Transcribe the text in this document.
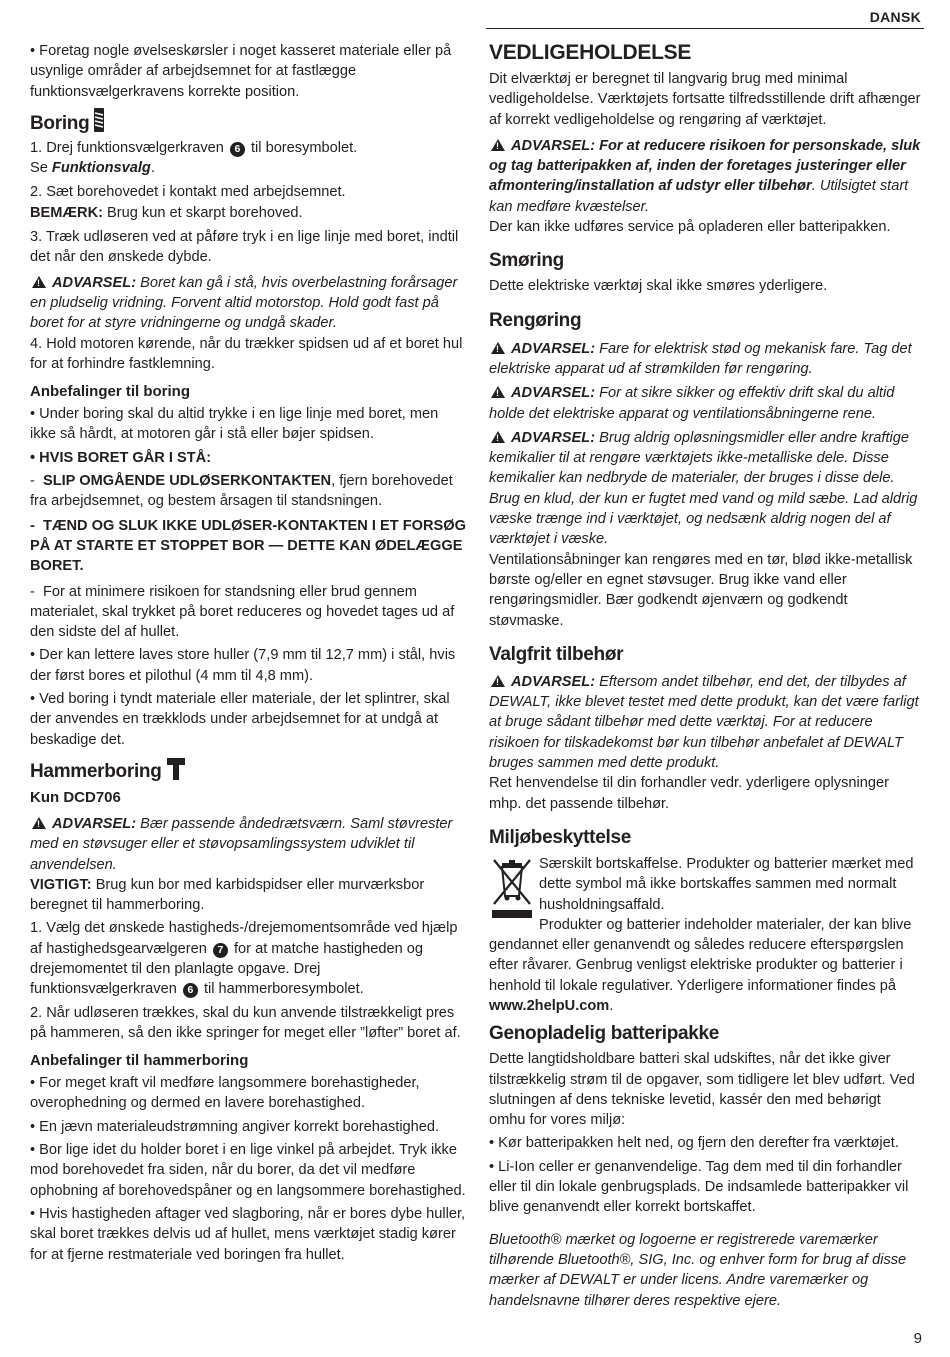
DANSK

• Foretag nogle øvelseskørsler i noget kasseret materiale eller på usynlige områder af arbejdsemnet for at fastlægge funktionsvælgerkravens korrekte position.

Boring

1. Drej funktionsvælgerkraven 6 til boresymbolet.
Se Funktionsvalg.

2. Sæt borehovedet i kontakt med arbejdsemnet.

BEMÆRK: Brug kun et skarpt borehoved.

3. Træk udløseren ved at påføre tryk i en lige linje med boret, indtil det når den ønskede dybde.

!ADVARSEL: Boret kan gå i stå, hvis overbelastning forårsager en pludselig vridning. Forvent altid motorstop. Hold godt fast på boret for at styre vridningerne og undgå skader.

4. Hold motoren kørende, når du trækker spidsen ud af et boret hul for at forhindre fastklemning.

Anbefalinger til boring

• Under boring skal du altid trykke i en lige linje med boret, men ikke så hårdt, at motoren går i stå eller bøjer spidsen.

• HVIS BORET GÅR I STÅ:

-  SLIP OMGÅENDE UDLØSERKONTAKTEN, fjern borehovedet fra arbejdsemnet, og bestem årsagen til standsningen.

-  TÆND OG SLUK IKKE UDLØSER-KONTAKTEN I ET FORSØG PÅ AT STARTE ET STOPPET BOR — DETTE KAN ØDELÆGGE BORET.

-  For at minimere risikoen for standsning eller brud gennem materialet, skal trykket på boret reduceres og hovedet tages ud af den sidste del af hullet.

• Der kan lettere laves store huller (7,9 mm til 12,7 mm) i stål, hvis der først bores et pilothul (4 mm til 4,8 mm).

• Ved boring i tyndt materiale eller materiale, der let splintrer, skal der anvendes en trækklods under arbejdsemnet for at undgå at beskadige det.

Hammerboring
Kun DCD706

!ADVARSEL: Bær passende åndedrætsværn. Saml støvrester med en støvsuger eller et støvopsamlingssystem udviklet til anvendelsen.

VIGTIGT: Brug kun bor med karbidspidser eller murværksbor beregnet til hammerboring.

1. Vælg det ønskede hastigheds-/drejemomentsområde ved hjælp af hastighedsgearvælgeren 7 for at matche hastigheden og drejemomentet til den planlagte opgave. Drej funktionsvælgerkraven 6 til hammerboresymbolet.

2. Når udløseren trækkes, skal du kun anvende tilstrækkeligt pres på hammeren, så den ikke springer for meget eller ”løfter” boret af.

Anbefalinger til hammerboring

• For meget kraft vil medføre langsommere borehastigheder, overophedning og dermed en lavere borehastighed.

• En jævn materialeudstrømning angiver korrekt borehastighed.

• Bor lige idet du holder boret i en lige vinkel på arbejdet. Tryk ikke mod borehovedet fra siden, når du borer, da det vil medføre ophobning af borehovedspåner og en langsommere borehastighed.

• Hvis hastigheden aftager ved slagboring, når er bores dybe huller, skal boret trækkes delvis ud af hullet, mens værktøjet stadig kører for at fjerne restmateriale ved boringen fra hullet.

VEDLIGEHOLDELSE

Dit elværktøj er beregnet til langvarig brug med minimal vedligeholdelse. Værktøjets fortsatte tilfredsstillende drift afhænger af korrekt vedligeholdelse og rengøring af værktøjet.

!ADVARSEL: For at reducere risikoen for personskade, sluk og tag batteripakken af, inden der foretages justeringer eller afmontering/installation af udstyr eller tilbehør. Utilsigtet start kan medføre kvæstelser.

Der kan ikke udføres service på opladeren eller batteripakken.

Smøring

Dette elektriske værktøj skal ikke smøres yderligere.

Rengøring

!ADVARSEL: Fare for elektrisk stød og mekanisk fare. Tag det elektriske apparat ud af strømkilden før rengøring.

!ADVARSEL: For at sikre sikker og effektiv drift skal du altid holde det elektriske apparat og ventilationsåbningerne rene.

!ADVARSEL: Brug aldrig opløsningsmidler eller andre kraftige kemikalier til at rengøre værktøjets ikke-metalliske dele. Disse kemikalier kan nedbryde de materialer, der bruges i disse dele. Brug en klud, der kun er fugtet med vand og mild sæbe. Lad aldrig væske trænge ind i værktøjet, og nedsænk aldrig nogen del af værktøjet i væske.

Ventilationsåbninger kan rengøres med en tør, blød ikke-metallisk børste og/eller en egnet støvsuger. Brug ikke vand eller rengøringsmidler. Bær godkendt øjenværn og godkendt støvmaske.

Valgfrit tilbehør

!ADVARSEL: Eftersom andet tilbehør, end det, der tilbydes af DEWALT, ikke blevet testet med dette produkt, kan det være farligt at bruge sådant tilbehør med dette værktøj. For at reducere risikoen for tilskadekomst bør kun tilbehør anbefalet af DEWALT bruges sammen med dette produkt.

Ret henvendelse til din forhandler vedr. yderligere oplysninger mhp. det passende tilbehør.

Miljøbeskyttelse

Særskilt bortskaffelse. Produkter og batterier mærket med dette symbol må ikke bortskaffes sammen med normalt husholdningsaffald.

Produkter og batterier indeholder materialer, der kan blive gendannet eller genanvendt og således reducere efterspørgslen efter råvarer. Genbrug venligst elektriske produkter og batterier i henhold til lokale regulativer. Yderligere informationer findes på
www.2helpU.com.

Genopladelig batteripakke

Dette langtidsholdbare batteri skal udskiftes, når det ikke giver tilstrækkelig strøm til de opgaver, som tidligere let blev udført. Ved slutningen af dens tekniske levetid, kassér den med behørigt omhu for vores miljø:

• Kør batteripakken helt ned, og fjern den derefter fra værktøjet.

• Li-Ion celler er genanvendelige. Tag dem med til din forhandler eller til din lokale genbrugsplads. De indsamlede batteripakker vil blive genanvendt eller korrekt bortskaffet.

Bluetooth® mærket og logoerne er registrerede varemærker tilhørende Bluetooth®, SIG, Inc. og enhver form for brug af disse mærker af DEWALT er under licens. Andre varemærker og handelsnavne tilhører deres respektive ejere.

9
